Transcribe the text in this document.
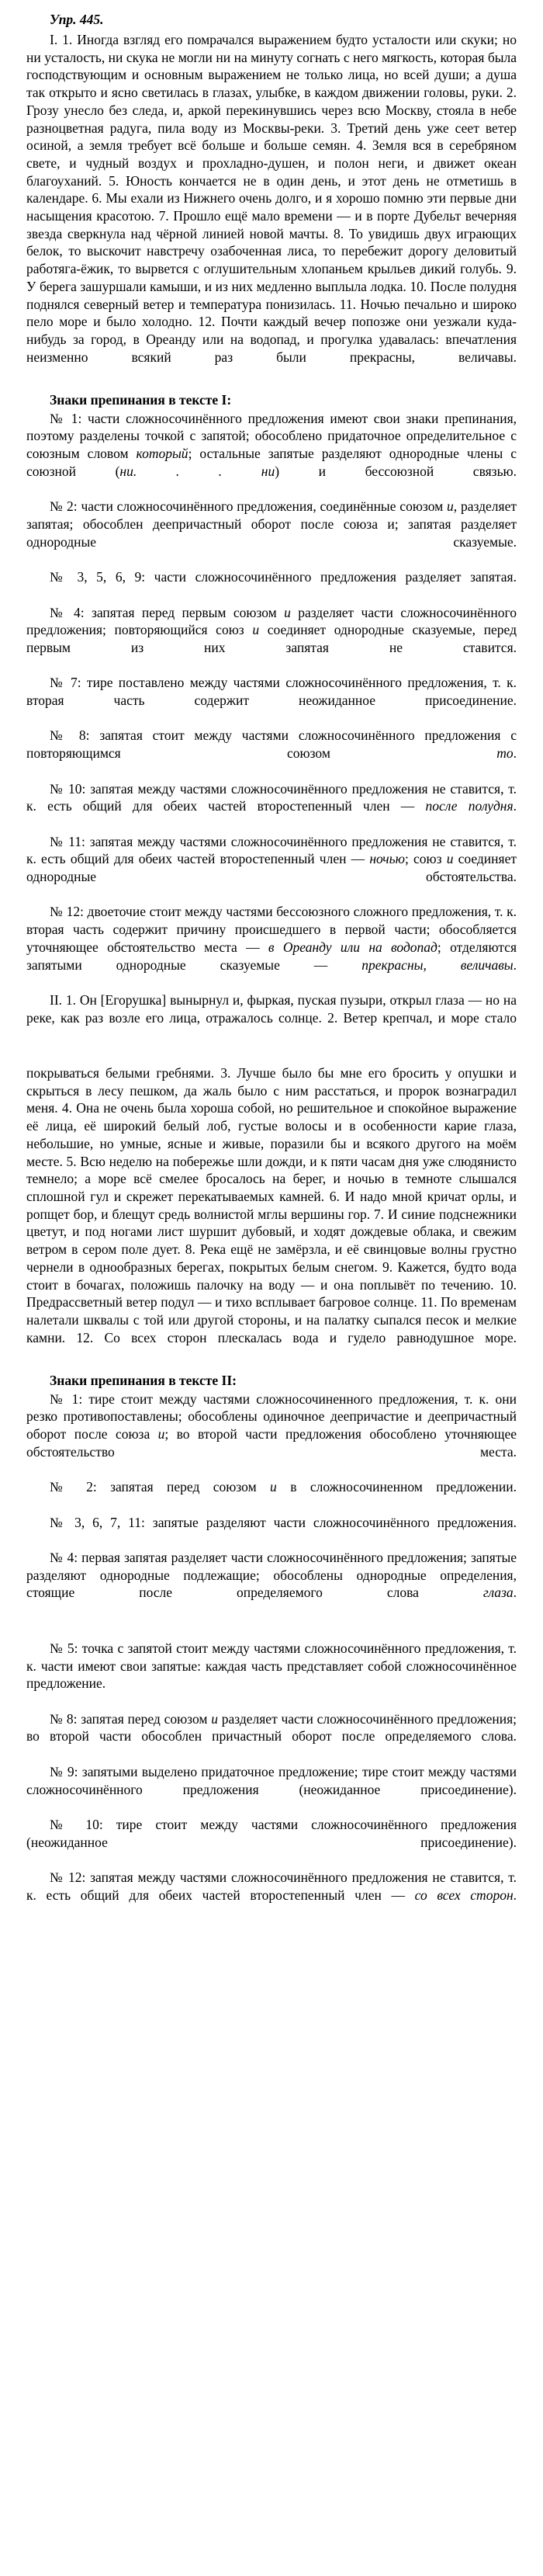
Упр. 445.

I. 1. Иногда взгляд его помрачался выражением будто усталости или скуки; но ни усталость, ни скука не могли ни на минуту согнать с него мягкость, которая была господствующим и основным выражением не только лица, но всей души; а душа так открыто и ясно светилась в глазах, улыбке, в каждом движении головы, руки. 2. Грозу унесло без следа, и, аркой перекинувшись через всю Москву, стояла в небе разноцветная радуга, пила воду из Москвы-реки. 3. Третий день уже сеет ветер осиной, а земля требует всё больше и больше семян. 4. Земля вся в серебряном свете, и чудный воздух и прохладно-душен, и полон неги, и движет океан благоуханий. 5. Юность кончается не в один день, и этот день не отметишь в календаре. 6. Мы ехали из Нижнего очень долго, и я хорошо помню эти первые дни насыщения красотою. 7. Прошло ещё мало времени — и в порте Дубельт вечерняя звезда сверкнула над чёрной линией новой мачты. 8. То увидишь двух играющих белок, то выскочит навстречу озабоченная лиса, то перебежит дорогу деловитый работяга-ёжик, то вырвется с оглушительным хлопаньем крыльев дикий голубь. 9. У берега зашуршали камыши, и из них медленно выплыла лодка. 10. После полудня поднялся северный ветер и температура понизилась. 11. Ночью печально и широко пело море и было холодно. 12. Почти каждый вечер попозже они уезжали куда-нибудь за город, в Ореанду или на водопад, и прогулка удавалась: впечатления неизменно всякий раз были прекрасны, величавы.

Знаки препинания в тексте I:

№ 1: части сложносочинённого предложения имеют свои знаки препинания, поэтому разделены точкой с запятой; обособлено придаточное определительное с союзным словом который; остальные запятые разделяют однородные члены с союзной (ни. . . ни) и бессоюзной связью.

№ 2: части сложносочинённого предложения, соединённые союзом и, разделяет запятая; обособлен деепричастный оборот после союза и; запятая разделяет однородные сказуемые.

№ 3, 5, 6, 9: части сложносочинённого предложения разделяет запятая.

№ 4: запятая перед первым союзом и разделяет части сложносочинённого предложения; повторяющийся союз и соединяет однородные сказуемые, перед первым из них запятая не ставится.

№ 7: тире поставлено между частями сложносочинённого предложения, т. к. вторая часть содержит неожиданное присоединение.

№ 8: запятая стоит между частями сложносочинённого предложения с повторяющимся союзом то.

№ 10: запятая между частями сложносочинённого предложения не ставится, т. к. есть общий для обеих частей второстепенный член — после полудня.

№ 11: запятая между частями сложносочинённого предложения не ставится, т. к. есть общий для обеих частей второстепенный член — ночью; союз и соединяет однородные обстоятельства.

№ 12: двоеточие стоит между частями бессоюзного сложного предложения, т. к. вторая часть содержит причину происшедшего в первой части; обособляется уточняющее обстоятельство места — в Ореанду или на водопад; отделяются запятыми однородные сказуемые — прекрасны, величавы.

II. 1. Он [Егорушка] вынырнул и, фыркая, пуская пузыри, открыл глаза — но на реке, как раз возле его лица, отражалось солнце. 2. Ветер крепчал, и море стало

покрываться белыми гребнями. 3. Лучше было бы мне его бросить у опушки и скрыться в лесу пешком, да жаль было с ним расстаться, и пророк вознаградил меня. 4. Она не очень была хороша собой, но решительное и спокойное выражение её лица, её широкий белый лоб, густые волосы и в особенности карие глаза, небольшие, но умные, ясные и живые, поразили бы и всякого другого на моём месте. 5. Всю неделю на побережье шли дожди, и к пяти часам дня уже слюдянисто темнело; а море всё смелее бросалось на берег, и ночью в темноте слышался сплошной гул и скрежет перекатываемых камней. 6. И надо мной кричат орлы, и ропщет бор, и блещут средь волнистой мглы вершины гор. 7. И синие подснежники цветут, и под ногами лист шуршит дубовый, и ходят дождевые облака, и свежим ветром в сером поле дует. 8. Река ещё не замёрзла, и её свинцовые волны грустно чернели в однообразных берегах, покрытых белым снегом. 9. Кажется, будто вода стоит в бочагах, положишь палочку на воду — и она поплывёт по течению. 10. Предрассветный ветер подул — и тихо всплывает багровое солнце. 11. По временам налетали шквалы с той или другой стороны, и на палатку сыпался песок и мелкие камни. 12. Со всех сторон плескалась вода и гудело равнодушное море.

Знаки препинания в тексте II:

№ 1: тире стоит между частями сложносочиненного предложения, т. к. они резко противопоставлены; обособлены одиночное деепричастие и деепричастный оборот после союза и; во второй части предложения обособлено уточняющее обстоятельство места.

№ 2: запятая перед союзом и в сложносочиненном предложении.

№ 3, 6, 7, 11: запятые разделяют части сложносочинённого предложения.

№ 4: первая запятая разделяет части сложносочинённого предложения; запятые разделяют однородные подлежащие; обособлены однородные определения, стоящие после определяемого слова глаза.

№ 5: точка с запятой стоит между частями сложносочинённого предложения, т. к. части имеют свои запятые: каждая часть представляет собой сложносочинённое предложение.

№ 8: запятая перед союзом и разделяет части сложносочинённого предложения; во второй части обособлен причастный оборот после определяемого слова.

№ 9: запятыми выделено придаточное предложение; тире стоит между частями сложносочинённого предложения (неожиданное присоединение).

№ 10: тире стоит между частями сложносочинённого предложения (неожиданное присоединение).

№ 12: запятая между частями сложносочинённого предложения не ставится, т. к. есть общий для обеих частей второстепенный член — со всех сторон.
